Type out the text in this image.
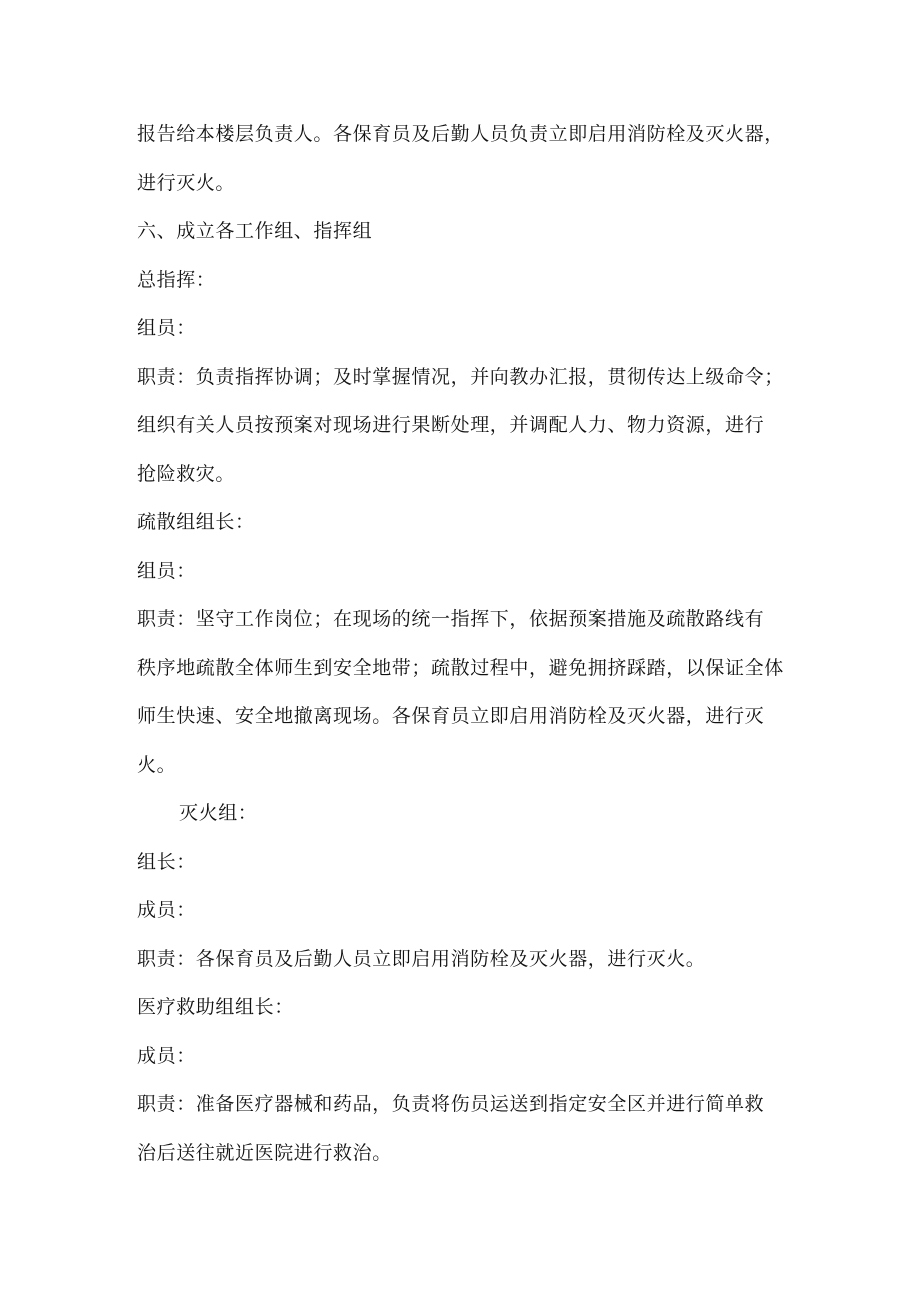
报告给本楼层负责人。各保育员及后勤人员负责立即启用消防栓及灭火器，
进行灭火。
六、成立各工作组、指挥组
总指挥：
组员：
职责：负责指挥协调；及时掌握情况，并向教办汇报，贯彻传达上级命令；
组织有关人员按预案对现场进行果断处理，并调配人力、物力资源，进行
抢险救灾。
疏散组组长：
组员：
职责：坚守工作岗位；在现场的统一指挥下，依据预案措施及疏散路线有
秩序地疏散全体师生到安全地带；疏散过程中，避免拥挤踩踏，以保证全体
师生快速、安全地撤离现场。各保育员立即启用消防栓及灭火器，进行灭
火。
灭火组：
组长：
成员：
职责：各保育员及后勤人员立即启用消防栓及灭火器，进行灭火。
医疗救助组组长：
成员：
职责：准备医疗器械和药品，负责将伤员运送到指定安全区并进行简单救
治后送往就近医院进行救治。
